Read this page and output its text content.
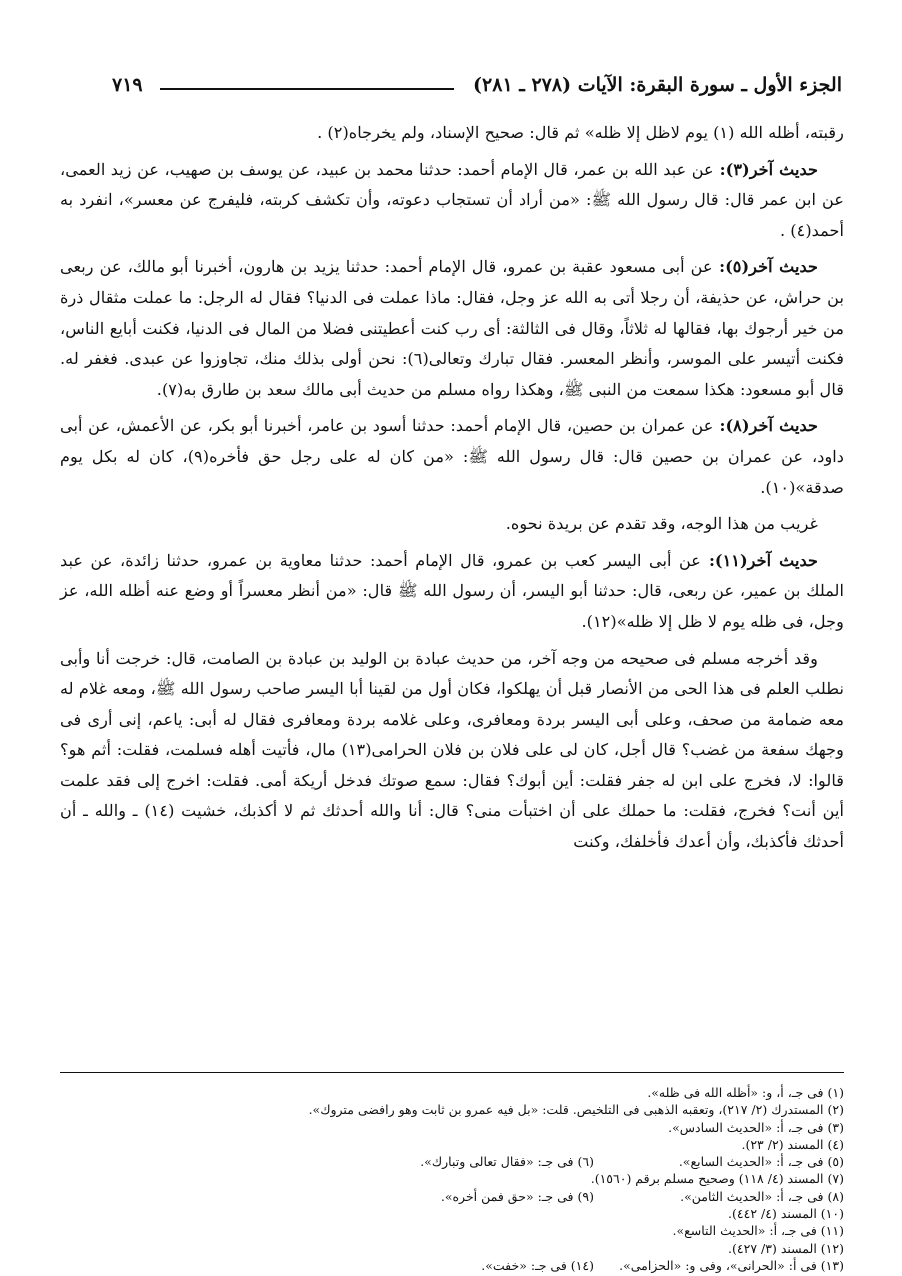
الجزء الأول ـ سورة البقرة: الآيات (٢٧٨ ـ ٢٨١)
٧١٩

رقبته، أظله الله (١) يوم لاظل إلا ظله» ثم قال: صحيح الإسناد، ولم يخرجاه(٢) .

حديث آخر(٣): عن عبد الله بن عمر، قال الإمام أحمد: حدثنا محمد بن عبيد، عن يوسف بن صهيب، عن زيد العمى، عن ابن عمر قال: قال رسول الله ﷺ: «من أراد أن تستجاب دعوته، وأن تكشف كربته، فليفرج عن معسر»، انفرد به أحمد(٤) .

حديث آخر(٥): عن أبى مسعود عقبة بن عمرو، قال الإمام أحمد: حدثنا يزيد بن هارون، أخبرنا أبو مالك، عن ربعى بن حراش، عن حذيفة، أن رجلا أتى به الله عز وجل، فقال: ماذا عملت فى الدنيا؟ فقال له الرجل: ما عملت مثقال ذرة من خير أرجوك بها، فقالها له ثلاثاً، وقال فى الثالثة: أى رب كنت أعطيتنى فضلا من المال فى الدنيا، فكنت أبايع الناس، فكنت أتيسر على الموسر، وأنظر المعسر. فقال تبارك وتعالى(٦): نحن أولى بذلك منك، تجاوزوا عن عبدى. فغفر له. قال أبو مسعود: هكذا سمعت من النبى ﷺ، وهكذا رواه مسلم من حديث أبى مالك سعد بن طارق به(٧).

حديث آخر(٨): عن عمران بن حصين، قال الإمام أحمد: حدثنا أسود بن عامر، أخبرنا أبو بكر، عن الأعمش، عن أبى داود، عن عمران بن حصين قال: قال رسول الله ﷺ: «من كان له على رجل حق فأخره(٩)، كان له بكل يوم صدقة»(١٠).

غريب من هذا الوجه، وقد تقدم عن بريدة نحوه.

حديث آخر(١١): عن أبى اليسر كعب بن عمرو، قال الإمام أحمد: حدثنا معاوية بن عمرو، حدثنا زائدة، عن عبد الملك بن عمير، عن ربعى، قال: حدثنا أبو اليسر، أن رسول الله ﷺ قال: «من أنظر معسراً أو وضع عنه أظله الله، عز وجل، فى ظله يوم لا ظل إلا ظله»(١٢).

وقد أخرجه مسلم فى صحيحه من وجه آخر، من حديث عبادة بن الوليد بن عبادة بن الصامت، قال: خرجت أنا وأبى نطلب العلم فى هذا الحى من الأنصار قبل أن يهلكوا، فكان أول من لقينا أبا اليسر صاحب رسول الله ﷺ، ومعه غلام له معه ضمامة من صحف، وعلى أبى اليسر بردة ومعافرى، وعلى غلامه بردة ومعافرى فقال له أبى: ياعم، إنى أرى فى وجهك سفعة من غضب؟ قال أجل، كان لى على فلان بن فلان الحرامى(١٣) مال، فأتيت أهله فسلمت، فقلت: أثم هو؟ قالوا: لا، فخرج على ابن له جفر فقلت: أين أبوك؟ فقال: سمع صوتك فدخل أريكة أمى. فقلت: اخرج إلى فقد علمت أين أنت؟ فخرج، فقلت: ما حملك على أن اختبأت منى؟ قال: أنا والله أحدثك ثم لا أكذبك، خشيت (١٤) ـ والله ـ أن أحدثك فأكذبك، وأن أعدك فأخلفك، وكنت

(١) فى جـ، أ، و: «أظله الله فى ظله».
(٢) المستدرك (٢/ ٢١٧)، وتعقبه الذهبى فى التلخيص. قلت: «بل فيه عمرو بن ثابت وهو رافضى متروك».
(٣) فى جـ، أ: «الحديث السادس».
(٤) المسند (٢/ ٢٣).
(٥) فى جـ، أ: «الحديث السابع».
(٦) فى جـ: «فقال تعالى وتبارك».
(٧) المسند (٤/ ١١٨) وصحيح مسلم برقم (١٥٦٠).
(٨) فى جـ، أ: «الحديث الثامن».
(٩) فى جـ: «حق فمن أخره».
(١٠) المسند (٤/ ٤٤٢).
(١١) فى جـ، أ: «الحديث التاسع».
(١٢) المسند (٣/ ٤٢٧).
(١٣) فى أ: «الحرانى»، وفى و: «الحزامى».
(١٤) فى جـ: «خفت».
